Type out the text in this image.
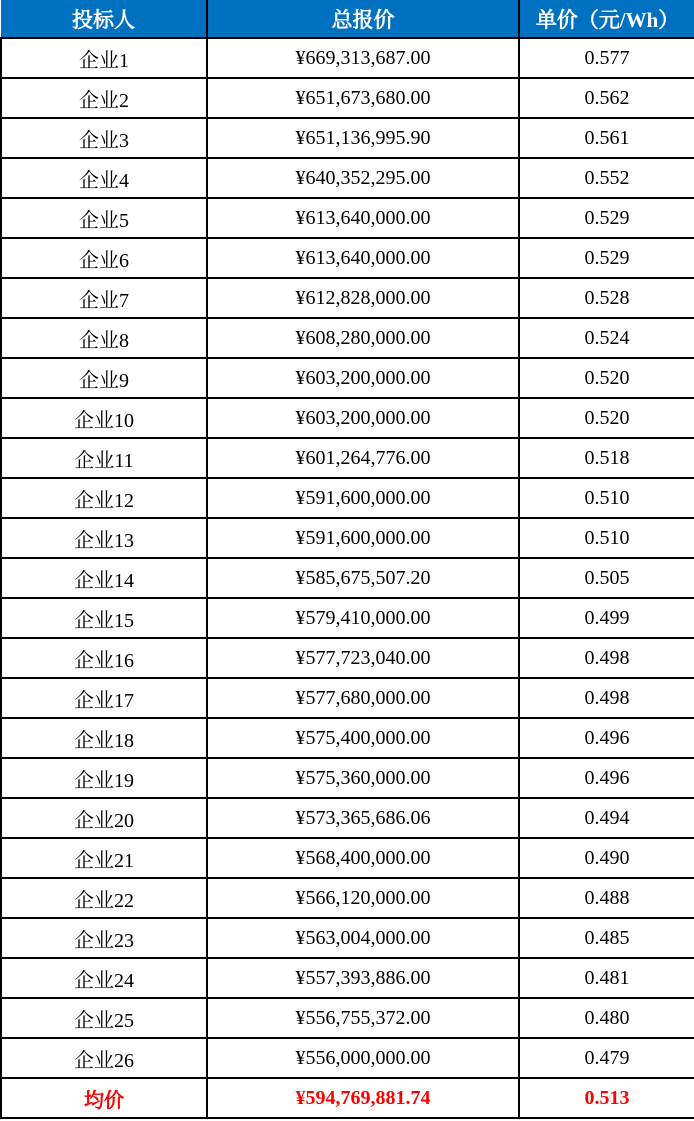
投标人	总报价	单价（元/Wh）
企业1	¥669,313,687.00	0.577
企业2	¥651,673,680.00	0.562
企业3	¥651,136,995.90	0.561
企业4	¥640,352,295.00	0.552
企业5	¥613,640,000.00	0.529
企业6	¥613,640,000.00	0.529
企业7	¥612,828,000.00	0.528
企业8	¥608,280,000.00	0.524
企业9	¥603,200,000.00	0.520
企业10	¥603,200,000.00	0.520
企业11	¥601,264,776.00	0.518
企业12	¥591,600,000.00	0.510
企业13	¥591,600,000.00	0.510
企业14	¥585,675,507.20	0.505
企业15	¥579,410,000.00	0.499
企业16	¥577,723,040.00	0.498
企业17	¥577,680,000.00	0.498
企业18	¥575,400,000.00	0.496
企业19	¥575,360,000.00	0.496
企业20	¥573,365,686.06	0.494
企业21	¥568,400,000.00	0.490
企业22	¥566,120,000.00	0.488
企业23	¥563,004,000.00	0.485
企业24	¥557,393,886.00	0.481
企业25	¥556,755,372.00	0.480
企业26	¥556,000,000.00	0.479
均价	¥594,769,881.74	0.513
